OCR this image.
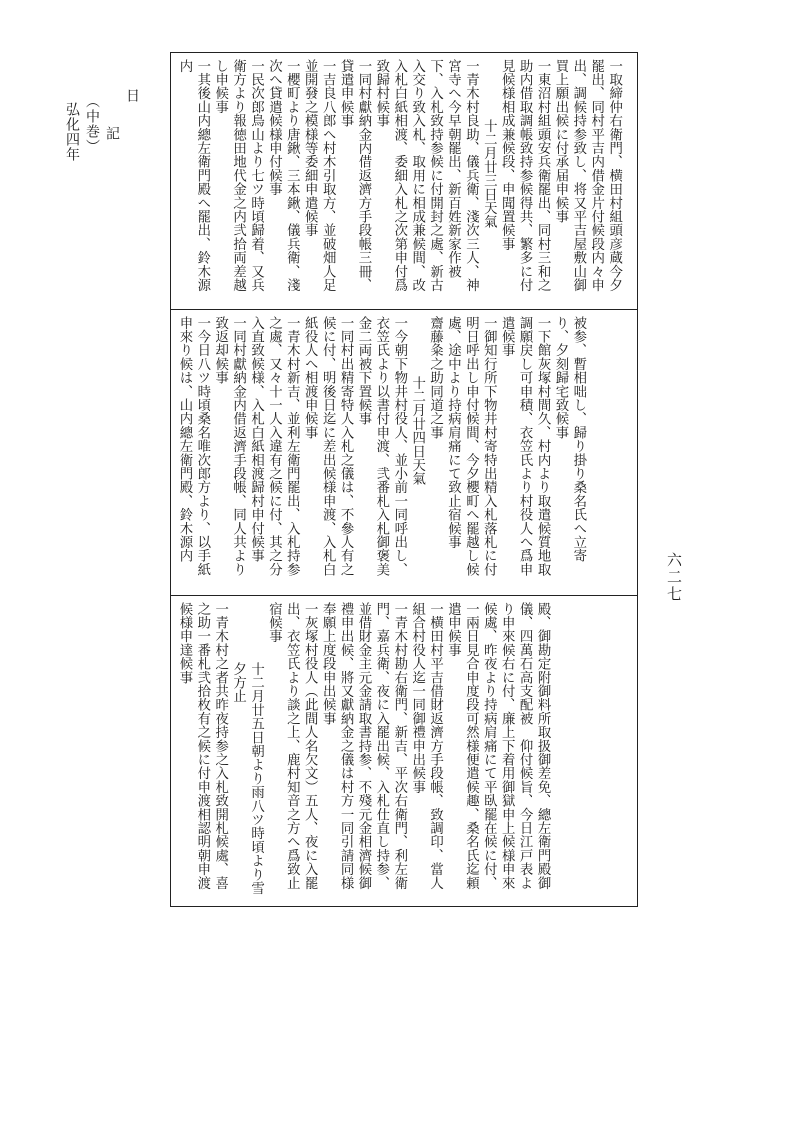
日
記
（中巻）
弘化四年
六二七
一取締仲右衛門、横田村組頭彦蔵今夕罷出、同村平吉内借金片付候段内々申出、調候持参致し、将又平吉屋敷山御買上願出候に付承届申候事
一東沼村組頭安兵衛罷出、同村三和之助内借取調帳致持参候得共、繁多に付見候様相成兼候段、申聞置候事
十二月廿三日天氣
一青木村良助、儀兵衛、淺次三人、神宮寺へ今早朝罷出、新百姓新家作被下、入札致持参候に付開封之處、新古入交り致入札、取用に相成兼候間、改入札白紙相渡、委細入札之次第申付爲致歸村候事
一同村獻納金内借返濟方手段帳三冊、貸遣申候事
一吉良八郎へ村木引取方、並破畑人足並開發之模様等委細申遣候事
一櫻町より唐鍬、三本鍬、儀兵衛、淺次へ貸遣候様申付候事
一民次郎鳥山より七ツ時頃歸着、又兵衛方より報徳田地代金之内弐拾両差越し申候事
一其後山内總左衛門殿へ罷出、鈴木源内
被参、暫相咄し、歸り掛り桑名氏へ立寄り、夕刻歸宅致候事
一下館灰塚村間久、村内より取遣候質地取調願戻し可申積、衣笠氏より村役人へ爲申遣候事
一御知行所下物井村寄特出精入札落札に付明日呼出し申付候間、今夕櫻町へ罷越し候處、途中より持病肩痛にて致止宿候事
齋藤粂之助同道之事
十二月廿四日天氣
一今朝下物井村役人、並小前一同呼出し、衣笠氏より以書付申渡、弐番札入札御褒美金二両被下置候事
一同村出精寄特人入札之儀は、不參人有之候に付、明後日迄に差出候様申渡、入札白紙役人へ相渡申候事
一青木村新吉、並利左衛門罷出、入札持参之處、又々十一人入違有之候に付、其之分入直致候様、入札白紙相渡歸村申付候事
一同村獻納金内借返濟手段帳、同人共より致返却候事
一今日八ツ時頃桑名唯次郎方より、以手紙申來り候は、山内總左衛門殿、鈴木源内
殿、御勘定附御料所取扱御差免、總左衛門殿御儀、四萬石高支配被　仰付候旨、今日江戸表より申來候右に付、廉上下着用御獄申上候様申來候處、昨夜より持病肩痛にて平臥罷在候に付、一兩日見合申度段可然様便遣候趣、桑名氏迄頼遣申候事
一横田村平吉借財返濟方手段帳、致調印、當人組合村役人迄一同御禮申出候事
一青木村勘右衛門、新吉、平次右衛門、利左衛門、嘉兵衛、夜に入罷出候、入札仕直し持参、並借財金主元金請取書持参、不殘元金相濟候御禮申出候、將又獻納金之儀は村方一同引請同様奉願上度段申出候事
一灰塚村役人（此間人名欠文）五人、夜に入罷出、衣笠氏より談之上、鹿村知音之方へ爲致止宿候事
十二月廿五日朝より雨八ツ時頃より雪夕方止
一青木村之者共昨夜持参之入札致開札候處、喜之助一番札弐拾枚有之候に付申渡相認明朝申渡候様申達候事
